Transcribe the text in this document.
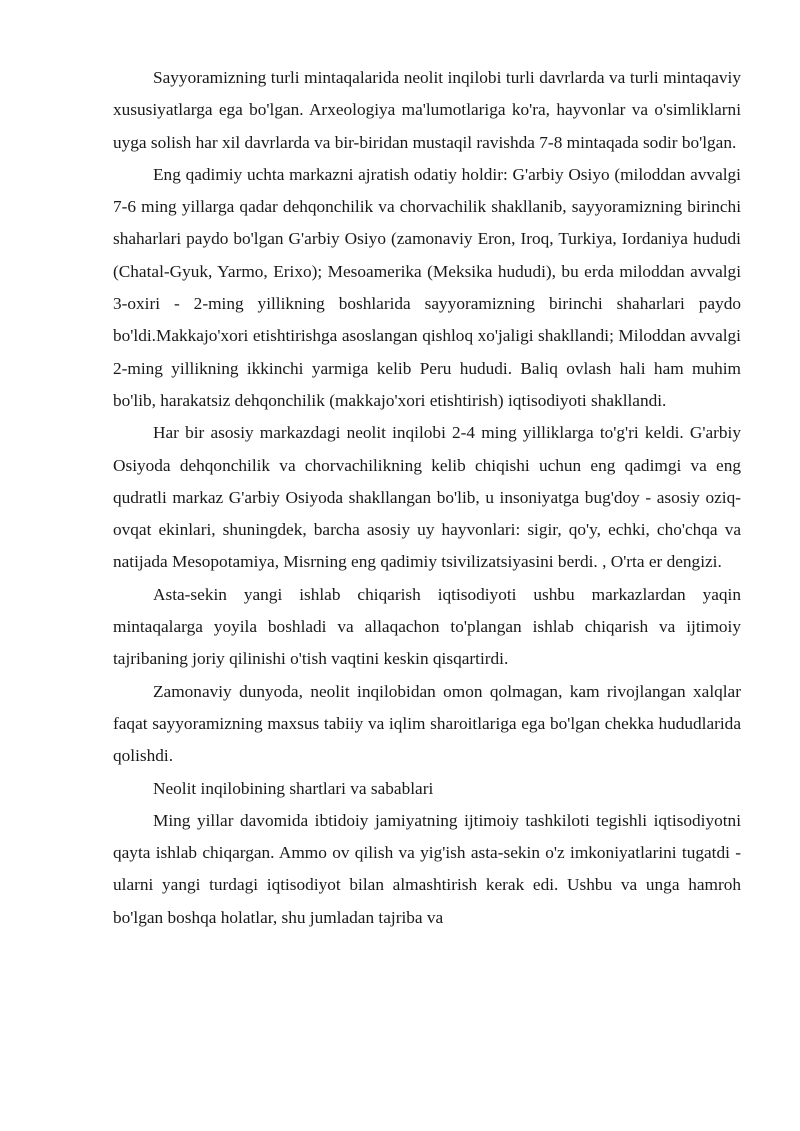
Sayyoramizning turli mintaqalarida neolit inqilobi turli davrlarda va turli mintaqaviy xususiyatlarga ega bo'lgan. Arxeologiya ma'lumotlariga ko'ra, hayvonlar va o'simliklarni uyga solish har xil davrlarda va bir-biridan mustaqil ravishda 7-8 mintaqada sodir bo'lgan.

Eng qadimiy uchta markazni ajratish odatiy holdir: G'arbiy Osiyo (miloddan avvalgi 7-6 ming yillarga qadar dehqonchilik va chorvachilik shakllanib, sayyoramizning birinchi shaharlari paydo bo'lgan G'arbiy Osiyo (zamonaviy Eron, Iroq, Turkiya, Iordaniya hududi (Chatal-Gyuk, Yarmo, Erixo); Mesoamerika (Meksika hududi), bu erda miloddan avvalgi 3-oxiri - 2-ming yillikning boshlarida sayyoramizning birinchi shaharlari paydo bo'ldi.Makkajo'xori etishtirishga asoslangan qishloq xo'jaligi shakllandi; Miloddan avvalgi 2-ming yillikning ikkinchi yarmiga kelib Peru hududi. Baliq ovlash hali ham muhim bo'lib, harakatsiz dehqonchilik (makkajo'xori etishtirish) iqtisodiyoti shakllandi.

Har bir asosiy markazdagi neolit inqilobi 2-4 ming yilliklarga to'g'ri keldi. G'arbiy Osiyoda dehqonchilik va chorvachilikning kelib chiqishi uchun eng qadimgi va eng qudratli markaz G'arbiy Osiyoda shakllangan bo'lib, u insoniyatga bug'doy - asosiy oziq-ovqat ekinlari, shuningdek, barcha asosiy uy hayvonlari: sigir, qo'y, echki, cho'chqa va natijada Mesopotamiya, Misrning eng qadimiy tsivilizatsiyasini berdi. , O'rta er dengizi.

Asta-sekin yangi ishlab chiqarish iqtisodiyoti ushbu markazlardan yaqin mintaqalarga yoyila boshladi va allaqachon to'plangan ishlab chiqarish va ijtimoiy tajribaning joriy qilinishi o'tish vaqtini keskin qisqartirdi.

Zamonaviy dunyoda, neolit inqilobidan omon qolmagan, kam rivojlangan xalqlar faqat sayyoramizning maxsus tabiiy va iqlim sharoitlariga ega bo'lgan chekka hududlarida qolishdi.

Neolit inqilobining shartlari va sabablari

Ming yillar davomida ibtidoiy jamiyatning ijtimoiy tashkiloti tegishli iqtisodiyotni qayta ishlab chiqargan. Ammo ov qilish va yig'ish asta-sekin o'z imkoniyatlarini tugatdi - ularni yangi turdagi iqtisodiyot bilan almashtirish kerak edi. Ushbu va unga hamroh bo'lgan boshqa holatlar, shu jumladan tajriba va
